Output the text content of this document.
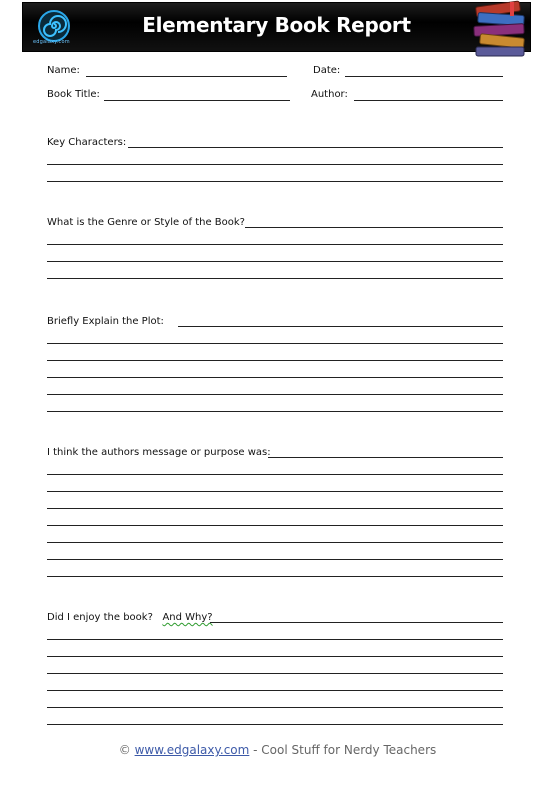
edgalaxy.com
Elementary Book Report
Name:	Date:
Book Title:	Author:
Key Characters:
What is the Genre or Style of the Book?
Briefly Explain the Plot:
I think the authors message or purpose was:
Did I enjoy the book? And Why?
© www.edgalaxy.com - Cool Stuff for Nerdy Teachers
